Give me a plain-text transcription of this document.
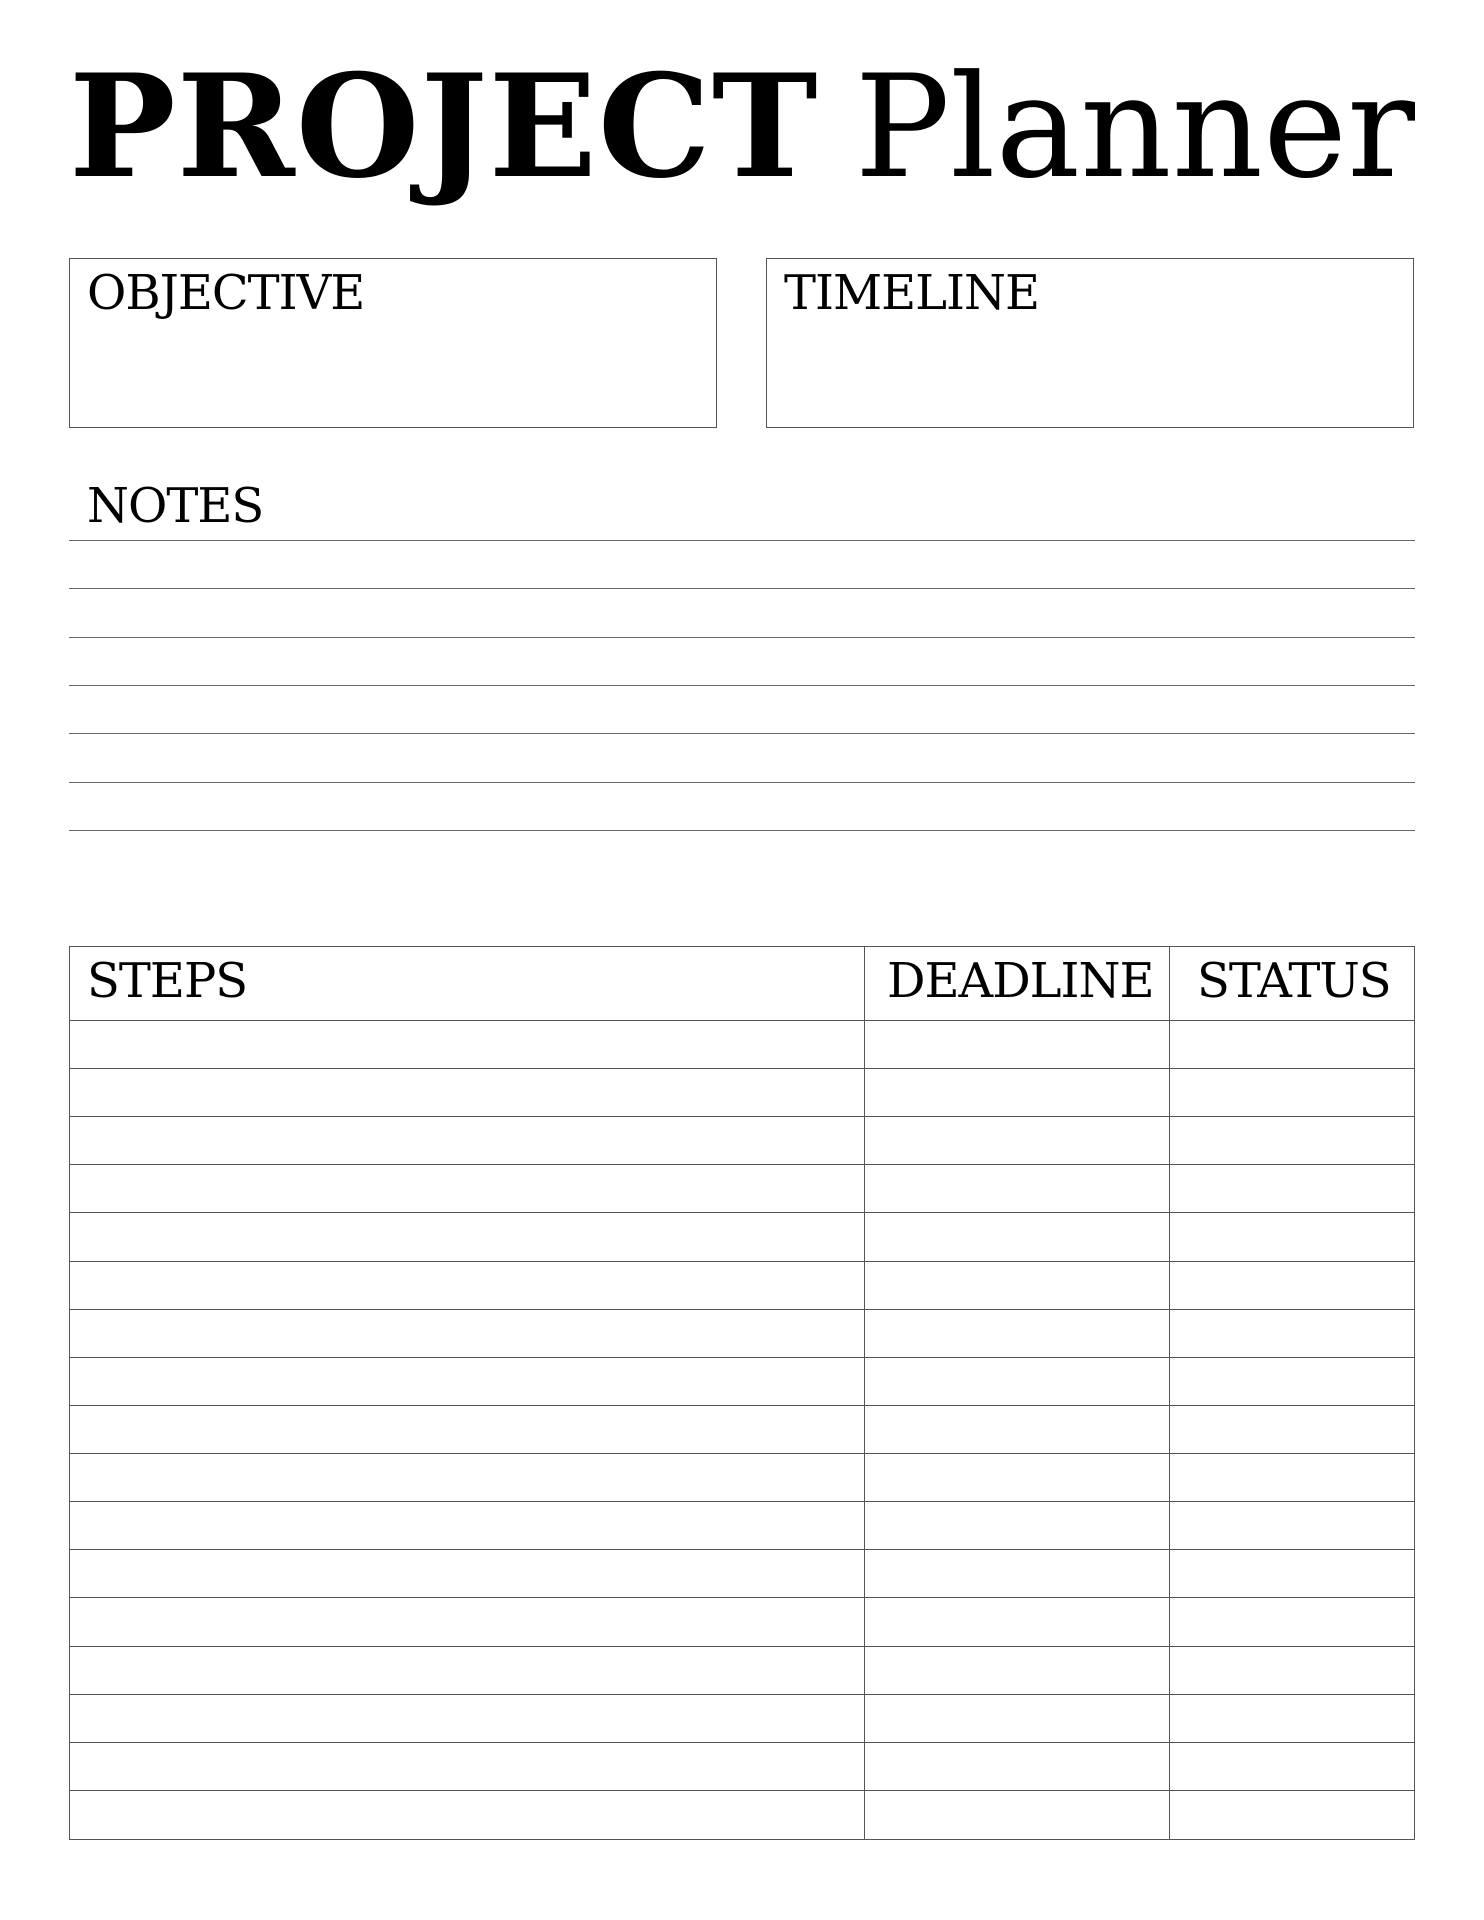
PROJECT Planner
OBJECTIVE	TIMELINE
NOTES
STEPS	DEADLINE STATUS
